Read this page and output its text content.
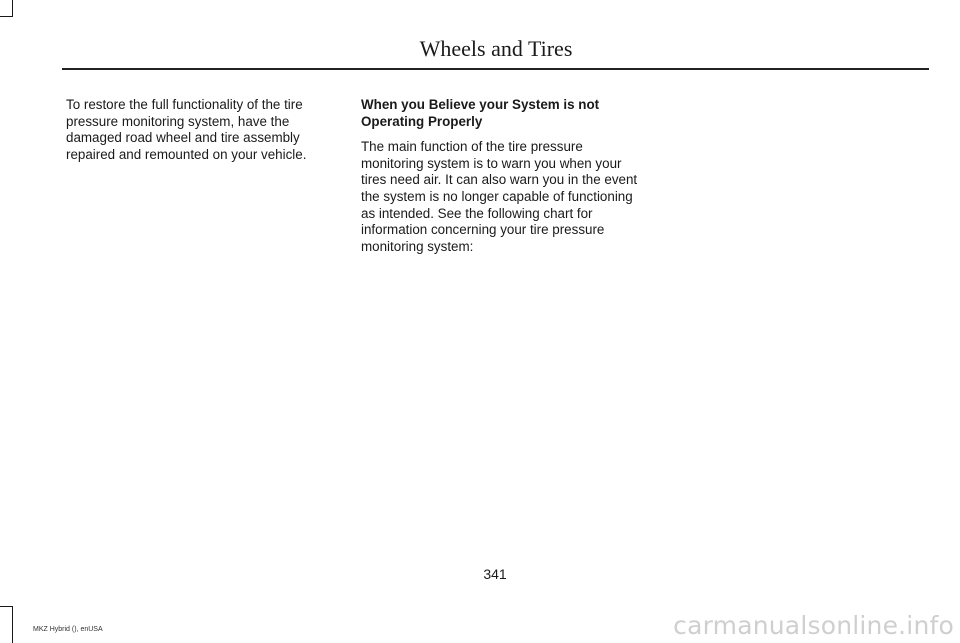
Wheels and Tires

To restore the full functionality of the tire pressure monitoring system, have the damaged road wheel and tire assembly repaired and remounted on your vehicle.

When you Believe your System is not Operating Properly

The main function of the tire pressure monitoring system is to warn you when your tires need air. It can also warn you in the event the system is no longer capable of functioning as intended. See the following chart for information concerning your tire pressure monitoring system:

341
MKZ Hybrid (), enUSA	carmanualsonline.info
